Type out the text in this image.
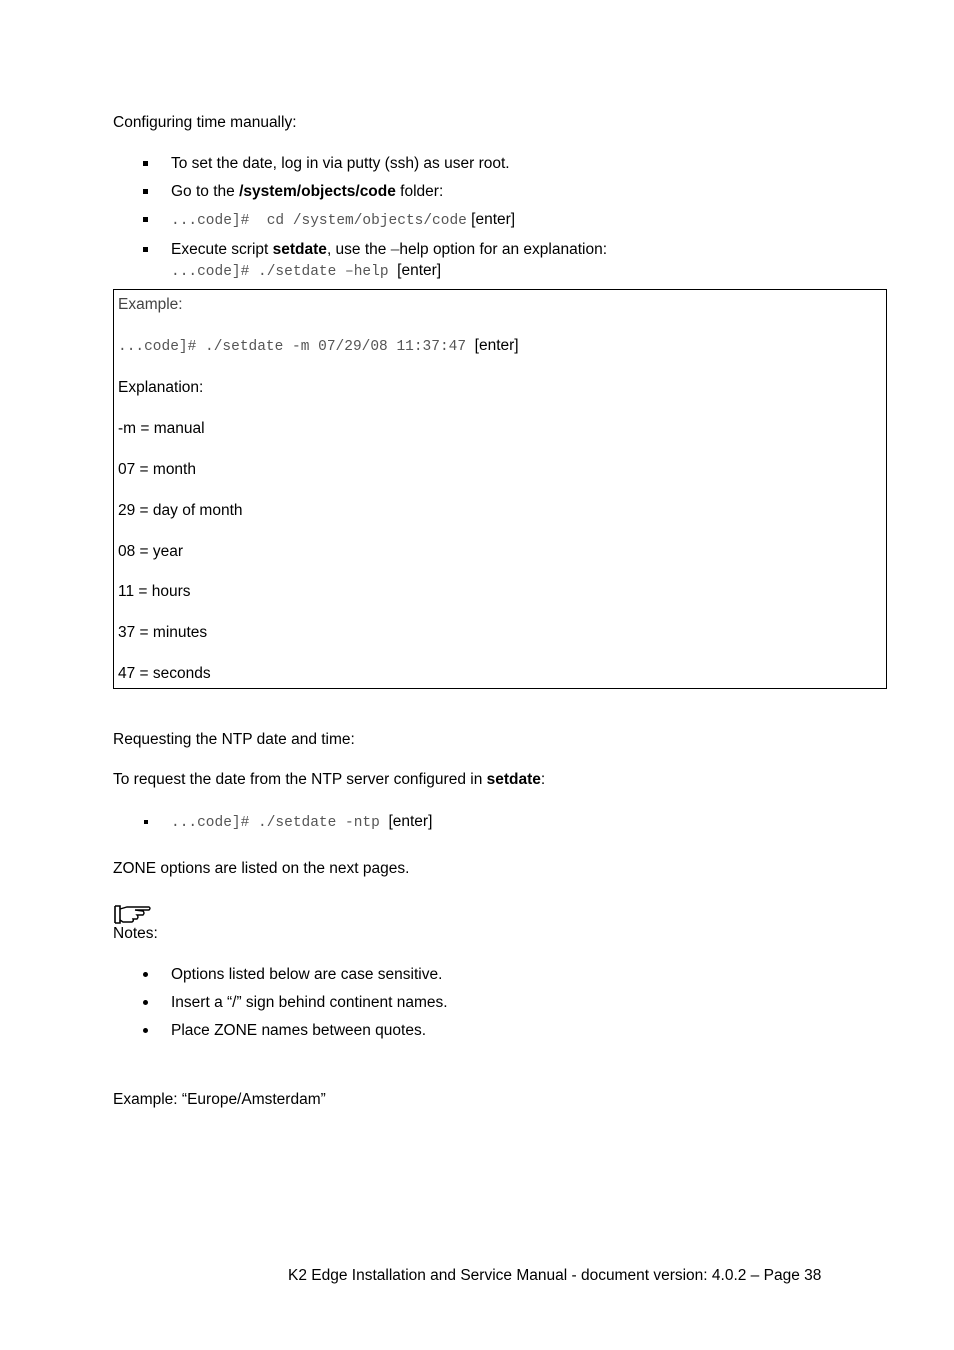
Configuring time manually:
To set the date, log in via putty (ssh) as user root.
Go to the /system/objects/code folder:
...code]#  cd /system/objects/code [enter]
Execute script setdate, use the –help option for an explanation:
...code]# ./setdate –help  [enter]
Example:
...code]# ./setdate -m 07/29/08 11:37:47  [enter]
Explanation:
-m = manual
07 = month
29 = day of month
08 = year
11 = hours
37 = minutes
47 = seconds
Requesting the NTP date and time:
To request the date from the NTP server configured in setdate:
...code]# ./setdate -ntp  [enter]
ZONE options are listed on the next pages.
Notes:
Options listed below are case sensitive.
Insert a “/” sign behind continent names.
Place ZONE names between quotes.
Example: “Europe/Amsterdam”
K2 Edge Installation and Service Manual - document version: 4.0.2 – Page 38
